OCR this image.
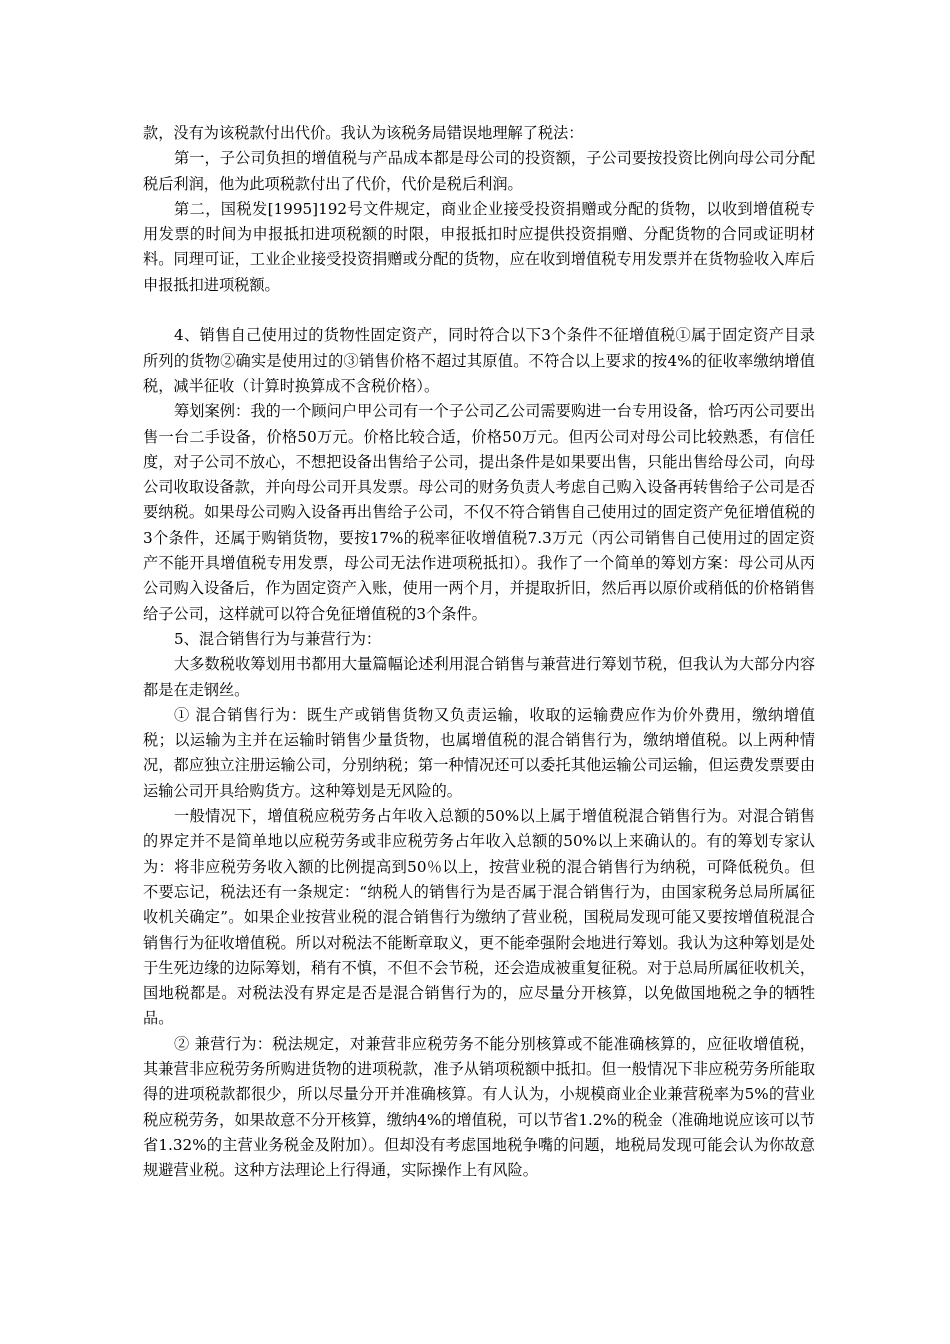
款，没有为该税款付出代价。我认为该税务局错误地理解了税法：

第一，子公司负担的增值税与产品成本都是母公司的投资额，子公司要按投资比例向母公司分配税后利润，他为此项税款付出了代价，代价是税后利润。

第二，国税发[1995]192号文件规定，商业企业接受投资捐赠或分配的货物，以收到增值税专用发票的时间为申报抵扣进项税额的时限，申报抵扣时应提供投资捐赠、分配货物的合同或证明材料。同理可证，工业企业接受投资捐赠或分配的货物，应在收到增值税专用发票并在货物验收入库后申报抵扣进项税额。

4、销售自己使用过的货物性固定资产，同时符合以下3个条件不征增值税①属于固定资产目录所列的货物②确实是使用过的③销售价格不超过其原值。不符合以上要求的按4%的征收率缴纳增值税，减半征收（计算时换算成不含税价格）。

筹划案例：我的一个顾问户甲公司有一个子公司乙公司需要购进一台专用设备，恰巧丙公司要出售一台二手设备，价格50万元。价格比较合适，价格50万元。但丙公司对母公司比较熟悉，有信任度，对子公司不放心，不想把设备出售给子公司，提出条件是如果要出售，只能出售给母公司，向母公司收取设备款，并向母公司开具发票。母公司的财务负责人考虑自己购入设备再转售给子公司是否要纳税。如果母公司购入设备再出售给子公司，不仅不符合销售自己使用过的固定资产免征增值税的3个条件，还属于购销货物，要按17%的税率征收增值税7.3万元（丙公司销售自己使用过的固定资产不能开具增值税专用发票，母公司无法作进项税抵扣）。我作了一个简单的筹划方案：母公司从丙公司购入设备后，作为固定资产入账，使用一两个月，并提取折旧，然后再以原价或稍低的价格销售给子公司，这样就可以符合免征增值税的3个条件。

5、混合销售行为与兼营行为：

大多数税收筹划用书都用大量篇幅论述利用混合销售与兼营进行筹划节税，但我认为大部分内容都是在走钢丝。

① 混合销售行为：既生产或销售货物又负责运输，收取的运输费应作为价外费用，缴纳增值税；以运输为主并在运输时销售少量货物，也属增值税的混合销售行为，缴纳增值税。以上两种情况，都应独立注册运输公司，分别纳税；第一种情况还可以委托其他运输公司运输，但运费发票要由运输公司开具给购货方。这种筹划是无风险的。

一般情况下，增值税应税劳务占年收入总额的50%以上属于增值税混合销售行为。对混合销售的界定并不是简单地以应税劳务或非应税劳务占年收入总额的50%以上来确认的。有的筹划专家认为：将非应税劳务收入额的比例提高到50％以上，按营业税的混合销售行为纳税，可降低税负。但不要忘记，税法还有一条规定：“纳税人的销售行为是否属于混合销售行为，由国家税务总局所属征收机关确定”。如果企业按营业税的混合销售行为缴纳了营业税，国税局发现可能又要按增值税混合销售行为征收增值税。所以对税法不能断章取义，更不能牵强附会地进行筹划。我认为这种筹划是处于生死边缘的边际筹划，稍有不慎，不但不会节税，还会造成被重复征税。对于总局所属征收机关，国地税都是。对税法没有界定是否是混合销售行为的，应尽量分开核算，以免做国地税之争的牺牲品。

② 兼营行为：税法规定，对兼营非应税劳务不能分别核算或不能准确核算的，应征收增值税，其兼营非应税劳务所购进货物的进项税款，准予从销项税额中抵扣。但一般情况下非应税劳务所能取得的进项税款都很少，所以尽量分开并准确核算。有人认为，小规模商业企业兼营税率为5%的营业税应税劳务，如果故意不分开核算，缴纳4%的增值税，可以节省1.2%的税金（准确地说应该可以节省1.32%的主营业务税金及附加）。但却没有考虑国地税争嘴的问题，地税局发现可能会认为你故意规避营业税。这种方法理论上行得通，实际操作上有风险。
